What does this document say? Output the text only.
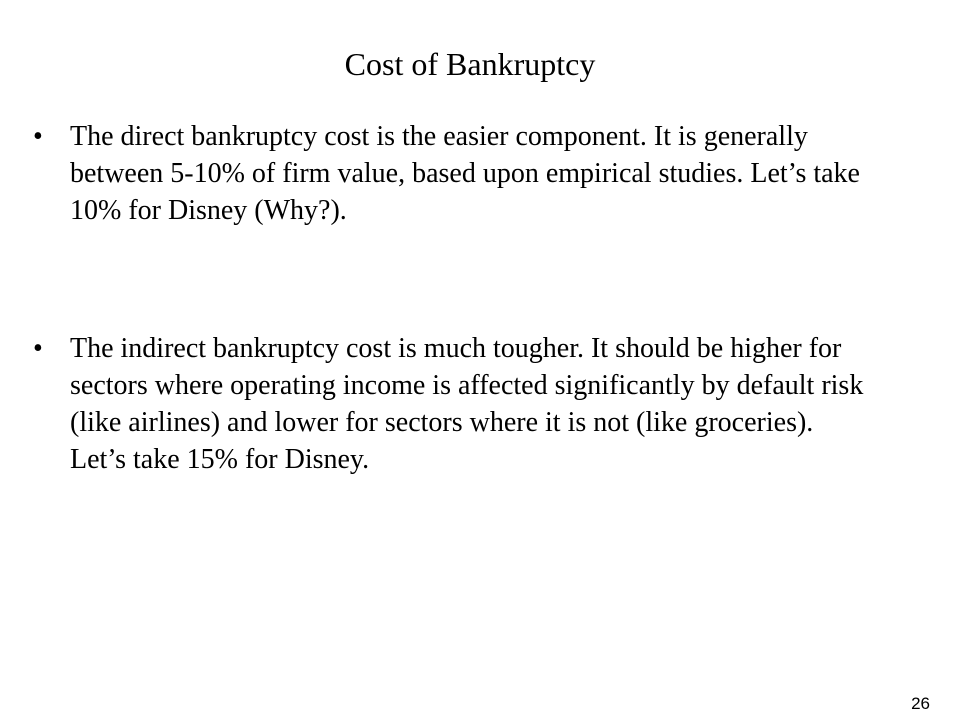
Cost of Bankruptcy
• The direct bankruptcy cost is the easier component. It is generally between 5-10% of firm value, based upon empirical studies. Let’s take 10% for Disney (Why?).
• The indirect bankruptcy cost is much tougher. It should be higher for sectors where operating income is affected significantly by default risk (like airlines) and lower for sectors where it is not (like groceries). Let’s take 15% for Disney.
26
